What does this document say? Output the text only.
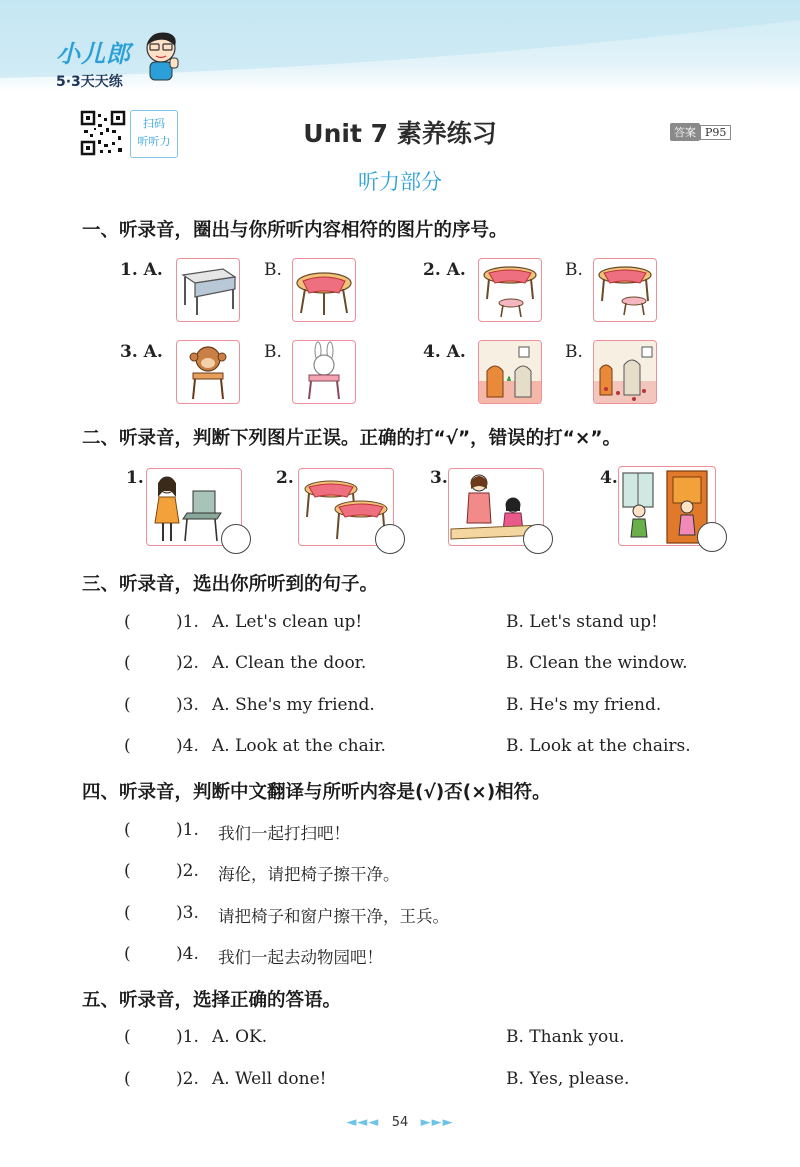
小儿郎
5·3天天练
扫码
听听力	Unit 7 素养练习	答案 P95
听力部分
一、听录音，圈出与你所听内容相符的图片的序号。
1. A.	B.	2. A.	B.
3. A.	B.	4. A.	B.
二、听录音，判断下列图片正误。正确的打“√”，错误的打“×”。
1.	2.	3.	4.
三、听录音，选出你所听到的句子。
(	)1. A. Let's clean up!	B. Let's stand up!
(	)2. A. Clean the door.	B. Clean the window.
(	)3. A. She's my friend.	B. He's my friend.
(	)4. A. Look at the chair.	B. Look at the chairs.
四、听录音，判断中文翻译与所听内容是(√)否(×)相符。
(	)1. 我们一起打扫吧！
(	)2. 海伦，请把椅子擦干净。
(	)3. 请把椅子和窗户擦干净，王兵。
(	)4. 我们一起去动物园吧！
五、听录音，选择正确的答语。
(	)1. A. OK.	B. Thank you.
(	)2. A. Well done!	B. Yes, please.
◄◄◄ 54 ►►►
